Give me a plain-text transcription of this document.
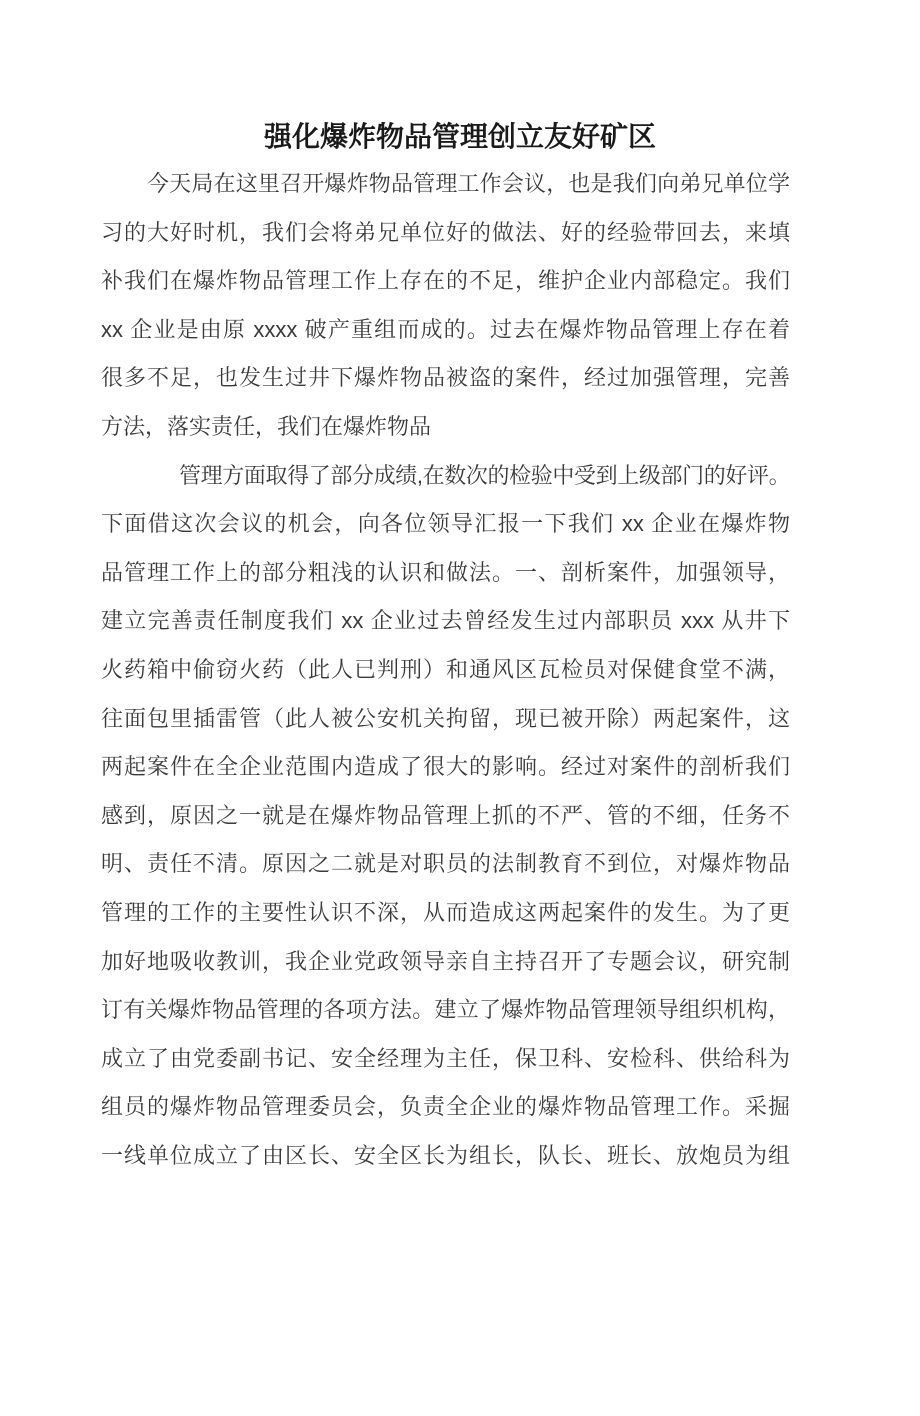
强化爆炸物品管理创立友好矿区
今天局在这里召开爆炸物品管理工作会议，也是我们向弟兄单位学
习的大好时机，我们会将弟兄单位好的做法、好的经验带回去，来填
补我们在爆炸物品管理工作上存在的不足，维护企业内部稳定。我们
xx 企业是由原 xxxx 破产重组而成的。过去在爆炸物品管理上存在着
很多不足，也发生过井下爆炸物品被盗的案件，经过加强管理，完善
方法，落实责任，我们在爆炸物品
管理方面取得了部分成绩,在数次的检验中受到上级部门的好评。
下面借这次会议的机会，向各位领导汇报一下我们 xx 企业在爆炸物
品管理工作上的部分粗浅的认识和做法。一、剖析案件，加强领导，
建立完善责任制度我们 xx 企业过去曾经发生过内部职员 xxx 从井下
火药箱中偷窃火药（此人已判刑）和通风区瓦检员对保健食堂不满，
往面包里插雷管（此人被公安机关拘留，现已被开除）两起案件，这
两起案件在全企业范围内造成了很大的影响。经过对案件的剖析我们
感到，原因之一就是在爆炸物品管理上抓的不严、管的不细，任务不
明、责任不清。原因之二就是对职员的法制教育不到位，对爆炸物品
管理的工作的主要性认识不深，从而造成这两起案件的发生。为了更
加好地吸收教训，我企业党政领导亲自主持召开了专题会议，研究制
订有关爆炸物品管理的各项方法。建立了爆炸物品管理领导组织机构，
成立了由党委副书记、安全经理为主任，保卫科、安检科、供给科为
组员的爆炸物品管理委员会，负责全企业的爆炸物品管理工作。采掘
一线单位成立了由区长、安全区长为组长，队长、班长、放炮员为组
